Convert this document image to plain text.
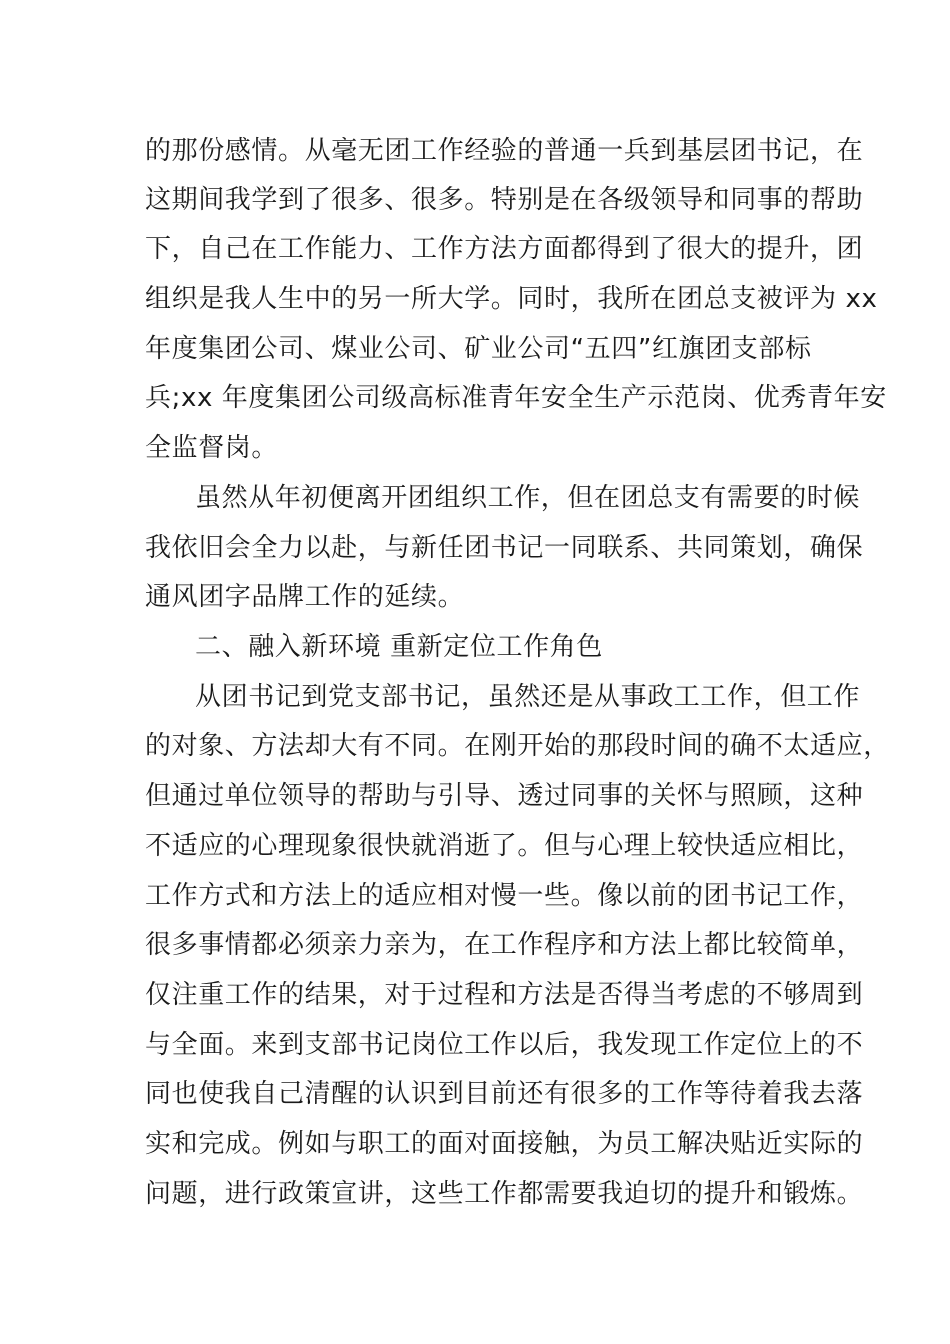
的那份感情。从毫无团工作经验的普通一兵到基层团书记，在
这期间我学到了很多、很多。特别是在各级领导和同事的帮助
下，自己在工作能力、工作方法方面都得到了很大的提升，团
组织是我人生中的另一所大学。同时，我所在团总支被评为 xx
年度集团公司、煤业公司、矿业公司“五四”红旗团支部标
兵;xx 年度集团公司级高标准青年安全生产示范岗、优秀青年安
全监督岗。
虽然从年初便离开团组织工作，但在团总支有需要的时候
我依旧会全力以赴，与新任团书记一同联系、共同策划，确保
通风团字品牌工作的延续。
二、融入新环境 重新定位工作角色
从团书记到党支部书记，虽然还是从事政工工作，但工作
的对象、方法却大有不同。在刚开始的那段时间的确不太适应，
但通过单位领导的帮助与引导、透过同事的关怀与照顾，这种
不适应的心理现象很快就消逝了。但与心理上较快适应相比，
工作方式和方法上的适应相对慢一些。像以前的团书记工作，
很多事情都必须亲力亲为，在工作程序和方法上都比较简单，
仅注重工作的结果，对于过程和方法是否得当考虑的不够周到
与全面。来到支部书记岗位工作以后，我发现工作定位上的不
同也使我自己清醒的认识到目前还有很多的工作等待着我去落
实和完成。例如与职工的面对面接触，为员工解决贴近实际的
问题，进行政策宣讲，这些工作都需要我迫切的提升和锻炼。
